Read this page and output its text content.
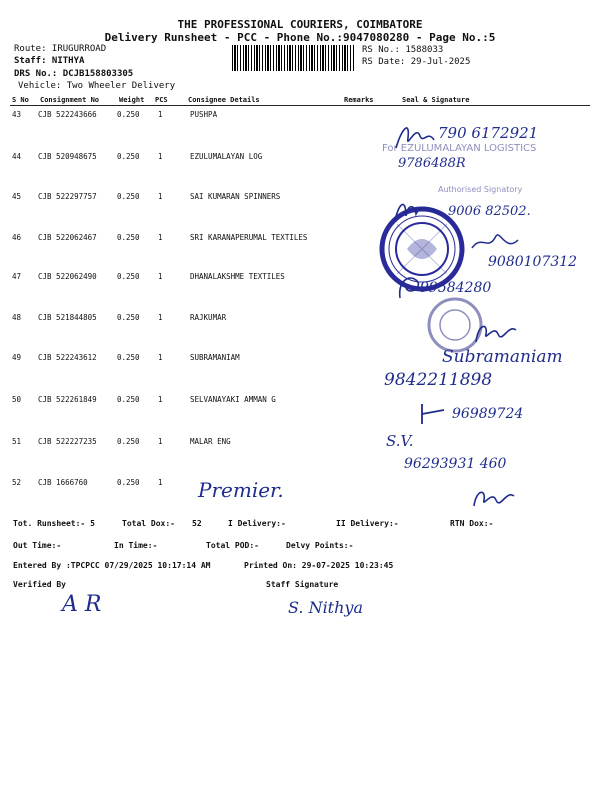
THE PROFESSIONAL COURIERS, COIMBATORE
Delivery Runsheet - PCC - Phone No.:9047080280 - Page No.:5
Route: IRUGURROAD
Staff: NITHYA
DRS No.: DCJB158803305
Vehicle: Two Wheeler Delivery
RS No.: 1588033
RS Date: 29-Jul-2025
S No Consignment No	Weight PCS	Consignee Details	Remarks	Seal & Signature
43 CJB 522243666	0.250 1	PUSHPA
44 CJB 520948675	0.250 1	EZULUMALAYAN LOG
45 CJB 522297757	0.250 1	SAI KUMARAN SPINNERS
46 CJB 522062467	0.250 1	SRI KARANAPERUMAL TEXTILES
47 CJB 522062490	0.250 1	DHANALAKSHME TEXTILES
48 CJB 521844805	0.250 1	RAJKUMAR
49 CJB 522243612	0.250 1	SUBRAMANIAM
50 CJB 522261849	0.250 1	SELVANAYAKI AMMAN G
51 CJB 522227235	0.250 1	MALAR ENG
52 CJB 1666760	0.250 1
For EZULUMALAYAN LOGISTICS
Authorised Signatory
790 6172921
9786488R
9006 82502.
9080107312
99584280
Subramaniam
9842211898
96989724
S.V.
96293931 460
Premier.
Tot. Runsheet:- 5	Total Dox:- 52	I Delivery:-	II Delivery:-	RTN Dox:-
Out Time:-	In Time:-	Total POD:-	Delvy Points:-
Entered By :TPCPCC 07/29/2025 10:17:14 AM	Printed On: 29-07-2025 10:23:45
Verified By	Staff Signature
A R	S. Nithya
